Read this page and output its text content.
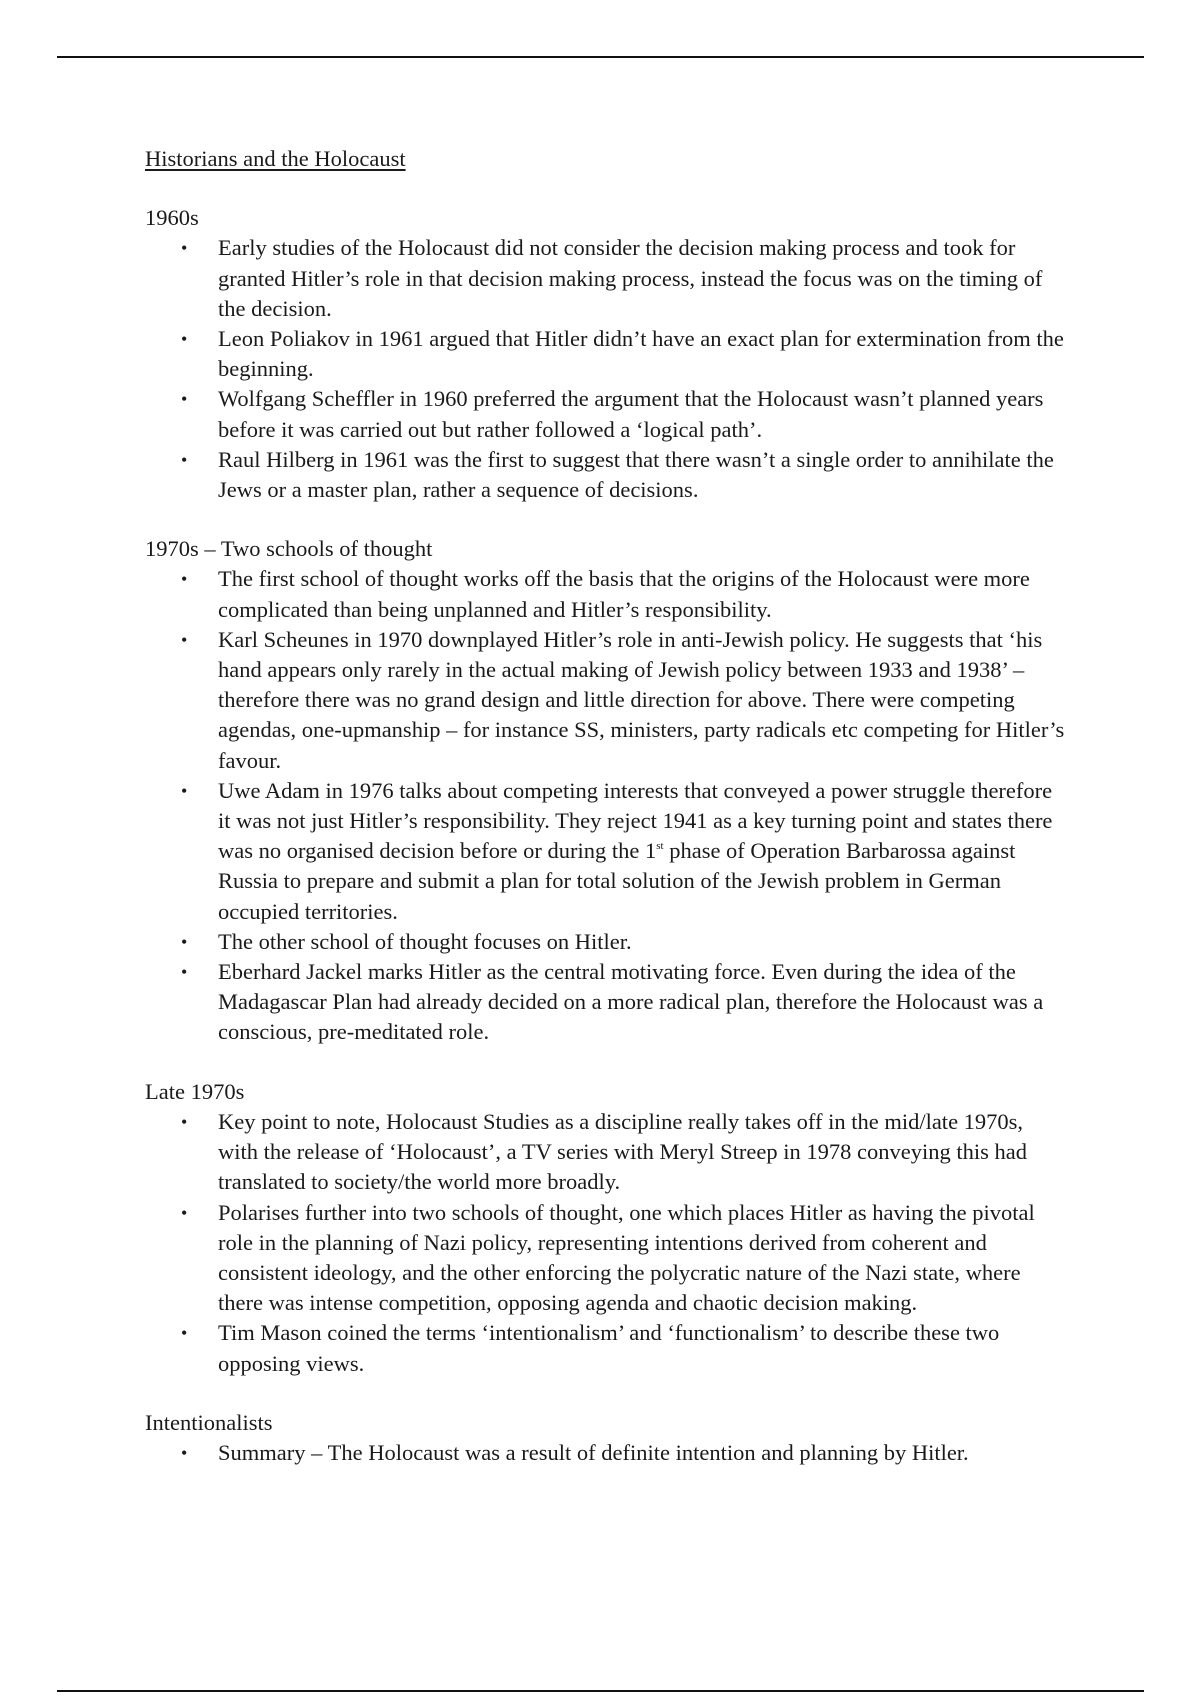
Historians and the Holocaust

1960s

• Early studies of the Holocaust did not consider the decision making process and took for granted Hitler’s role in that decision making process, instead the focus was on the timing of the decision.
• Leon Poliakov in 1961 argued that Hitler didn’t have an exact plan for extermination from the beginning.
• Wolfgang Scheffler in 1960 preferred the argument that the Holocaust wasn’t planned years before it was carried out but rather followed a ‘logical path’.
• Raul Hilberg in 1961 was the first to suggest that there wasn’t a single order to annihilate the Jews or a master plan, rather a sequence of decisions.

1970s – Two schools of thought

• The first school of thought works off the basis that the origins of the Holocaust were more complicated than being unplanned and Hitler’s responsibility.
• Karl Scheunes in 1970 downplayed Hitler’s role in anti-Jewish policy. He suggests that ‘his hand appears only rarely in the actual making of Jewish policy between 1933 and 1938’ – therefore there was no grand design and little direction for above. There were competing agendas, one-upmanship – for instance SS, ministers, party radicals etc competing for Hitler’s favour.
• Uwe Adam in 1976 talks about competing interests that conveyed a power struggle therefore it was not just Hitler’s responsibility. They reject 1941 as a key turning point and states there was no organised decision before or during the 1st phase of Operation Barbarossa against Russia to prepare and submit a plan for total solution of the Jewish problem in German occupied territories.
• The other school of thought focuses on Hitler.
• Eberhard Jackel marks Hitler as the central motivating force. Even during the idea of the Madagascar Plan had already decided on a more radical plan, therefore the Holocaust was a conscious, pre-meditated role.

Late 1970s

• Key point to note, Holocaust Studies as a discipline really takes off in the mid/late 1970s, with the release of ‘Holocaust’, a TV series with Meryl Streep in 1978 conveying this had translated to society/the world more broadly.
• Polarises further into two schools of thought, one which places Hitler as having the pivotal role in the planning of Nazi policy, representing intentions derived from coherent and consistent ideology, and the other enforcing the polycratic nature of the Nazi state, where there was intense competition, opposing agenda and chaotic decision making.
• Tim Mason coined the terms ‘intentionalism’ and ‘functionalism’ to describe these two opposing views.

Intentionalists

• Summary – The Holocaust was a result of definite intention and planning by Hitler.
